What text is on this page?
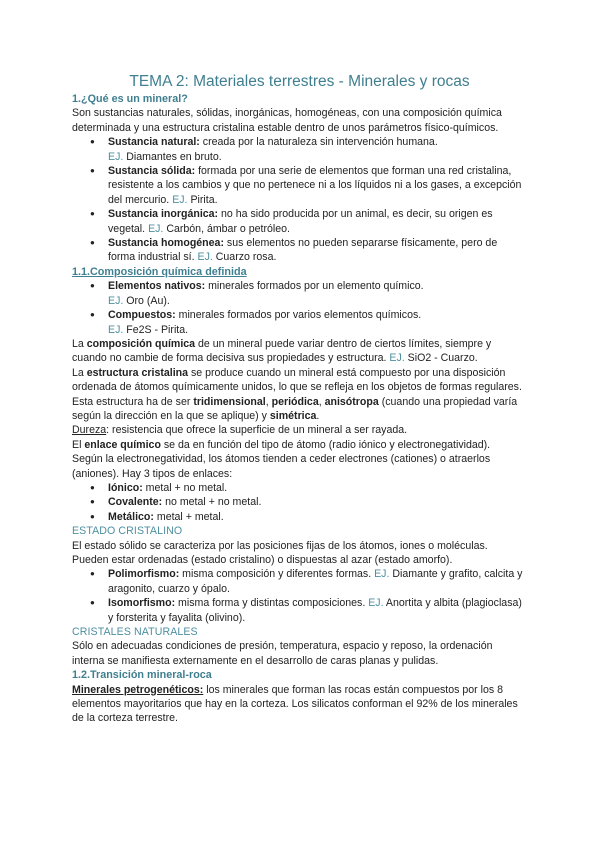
TEMA 2: Materiales terrestres - Minerales y rocas

1.¿Qué es un mineral?

Son sustancias naturales, sólidas, inorgánicas, homogéneas, con una composición química determinada y una estructura cristalina estable dentro de unos parámetros físico-químicos.

● Sustancia natural: creada por la naturaleza sin intervención humana.
EJ. Diamantes en bruto.
● Sustancia sólida: formada por una serie de elementos que forman una red cristalina, resistente a los cambios y que no pertenece ni a los líquidos ni a los gases, a excepción del mercurio. EJ. Pirita.
● Sustancia inorgánica: no ha sido producida por un animal, es decir, su origen es vegetal. EJ. Carbón, ámbar o petróleo.
● Sustancia homogénea: sus elementos no pueden separarse físicamente, pero de forma industrial sí. EJ. Cuarzo rosa.

1.1.Composición química definida

● Elementos nativos: minerales formados por un elemento químico.
EJ. Oro (Au).
● Compuestos: minerales formados por varios elementos químicos.
EJ. Fe2S - Pirita.

La composición química de un mineral puede variar dentro de ciertos límites, siempre y cuando no cambie de forma decisiva sus propiedades y estructura. EJ. SiO2 - Cuarzo.

La estructura cristalina se produce cuando un mineral está compuesto por una disposición ordenada de átomos químicamente unidos, lo que se refleja en los objetos de formas regulares. Esta estructura ha de ser tridimensional, periódica, anisótropa (cuando una propiedad varía según la dirección en la que se aplique) y simétrica.

Dureza: resistencia que ofrece la superficie de un mineral a ser rayada.

El enlace químico se da en función del tipo de átomo (radio iónico y electronegatividad).

Según la electronegatividad, los átomos tienden a ceder electrones (cationes) o atraerlos (aniones). Hay 3 tipos de enlaces:

● Iónico: metal + no metal.
● Covalente: no metal + no metal.
● Metálico: metal + metal.

ESTADO CRISTALINO

El estado sólido se caracteriza por las posiciones fijas de los átomos, iones o moléculas. Pueden estar ordenadas (estado cristalino) o dispuestas al azar (estado amorfo).

● Polimorfismo: misma composición y diferentes formas. EJ. Diamante y grafito, calcita y aragonito, cuarzo y ópalo.
● Isomorfismo: misma forma y distintas composiciones. EJ. Anortita y albita (plagioclasa) y forsterita y fayalita (olivino).

CRISTALES NATURALES

Sólo en adecuadas condiciones de presión, temperatura, espacio y reposo, la ordenación interna se manifiesta externamente en el desarrollo de caras planas y pulidas.

1.2.Transición mineral-roca

Minerales petrogenéticos: los minerales que forman las rocas están compuestos por los 8 elementos mayoritarios que hay en la corteza. Los silicatos conforman el 92% de los minerales de la corteza terrestre.
